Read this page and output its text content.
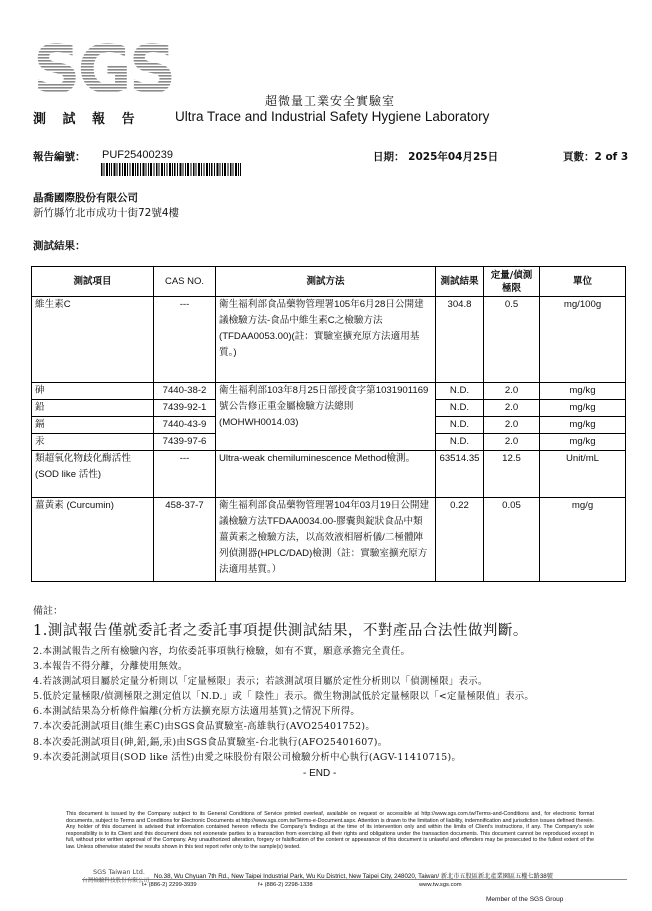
SGS	超微量工業安全實驗室
測 試 報 告	Ultra Trace and Industrial Safety Hygiene Laboratory
報告編號： PUF25400239	日期： 2025年04月25日	頁數：2 of 3
晶喬國際股份有限公司
新竹縣竹北市成功十街72號4樓
測試結果：
測試項目	CAS NO.	測試方法	測試結果	定量/偵測極限	單位
維生素C	---	衛生福利部食品藥物管理署105年6月28日公開建議檢驗方法-食品中維生素C之檢驗方法(TFDAA0053.00)(註：實驗室擴充原方法適用基質。)	304.8	0.5	mg/100g
砷	7440-38-2	衛生福利部103年8月25日部授食字第1031901169號公告修正重金屬檢驗方法總則(MOHWH0014.03)	N.D.	2.0	mg/kg
鉛	7439-92-1		N.D.	2.0	mg/kg
鎘	7440-43-9		N.D.	2.0	mg/kg
汞	7439-97-6		N.D.	2.0	mg/kg
類超氧化物歧化酶活性(SOD like 活性)	---	Ultra-weak chemiluminescence Method檢測。	63514.35	12.5	Unit/mL
薑黃素 (Curcumin)	458-37-7	衛生福利部食品藥物管理署104年03月19日公開建議檢驗方法TFDAA0034.00-膠囊與錠狀食品中類薑黃素之檢驗方法，以高效液相層析儀/二極體陣列偵測器(HPLC/DAD)檢測（註：實驗室擴充原方法適用基質。）	0.22	0.05	mg/g
備註：
1.測試報告僅就委託者之委託事項提供測試結果，不對產品合法性做判斷。
2.本測試報告之所有檢驗內容，均依委託事項執行檢驗，如有不實，願意承擔完全責任。
3.本報告不得分離，分離使用無效。
4.若該測試項目屬於定量分析則以「定量極限」表示；若該測試項目屬於定性分析則以「偵測極限」表示。
5.低於定量極限/偵測極限之測定值以「N.D.」或「 陰性」表示。微生物測試低於定量極限以「<定量極限值」表示。
6.本測試結果為分析條件偏離(分析方法擴充原方法適用基質)之情況下所得。
7.本次委託測試項目(維生素C)由SGS食品實驗室-高雄執行(AVO25401752)。
8.本次委託測試項目(砷,鉛,鎘,汞)由SGS食品實驗室-台北執行(AFO25401607)。
9.本次委託測試項目(SOD like 活性)由愛之味股份有限公司檢驗分析中心執行(AGV-11410715)。
- END -
This document is issued by the Company subject to its General Conditions of Service printed overleaf, available on request or accessible at http://www.sgs.com.tw/Terms-and-Conditions and, for electronic format documents, subject to Terms and Conditions for Electronic Documents at http://www.sgs.com.tw/Terms-e-Document.aspx. Attention is drawn to the limitation of liability, indemnification and jurisdiction issues defined therein. Any holder of this document is advised that information contained hereon reflects the Company's findings at the time of its intervention only and within the limits of Client's instructions, if any. The Company's sole responsibility is to its Client and this document does not exonerate parties to a transaction from exercising all their rights and obligations under the transaction documents. This document cannot be reproduced except in full, without prior written approval of the Company. Any unauthorized alteration, forgery or falsification of the content or appearance of this document is unlawful and offenders may be prosecuted to the fullest extent of the law. Unless otherwise stated the results shown in this test report refer only to the sample(s) tested.
SGS Taiwan Ltd.
No.38, Wu Chyuan 7th Rd., New Taipei Industrial Park, Wu Ku District, New Taipei City, 248020, Taiwan/ 新北市五股區新北產業園區五權七路38號
台灣檢驗科技股份有限公司
t+ (886-2) 2299-3939	f+ (886-2) 2298-1338	www.tw.sgs.com
Member of the SGS Group
